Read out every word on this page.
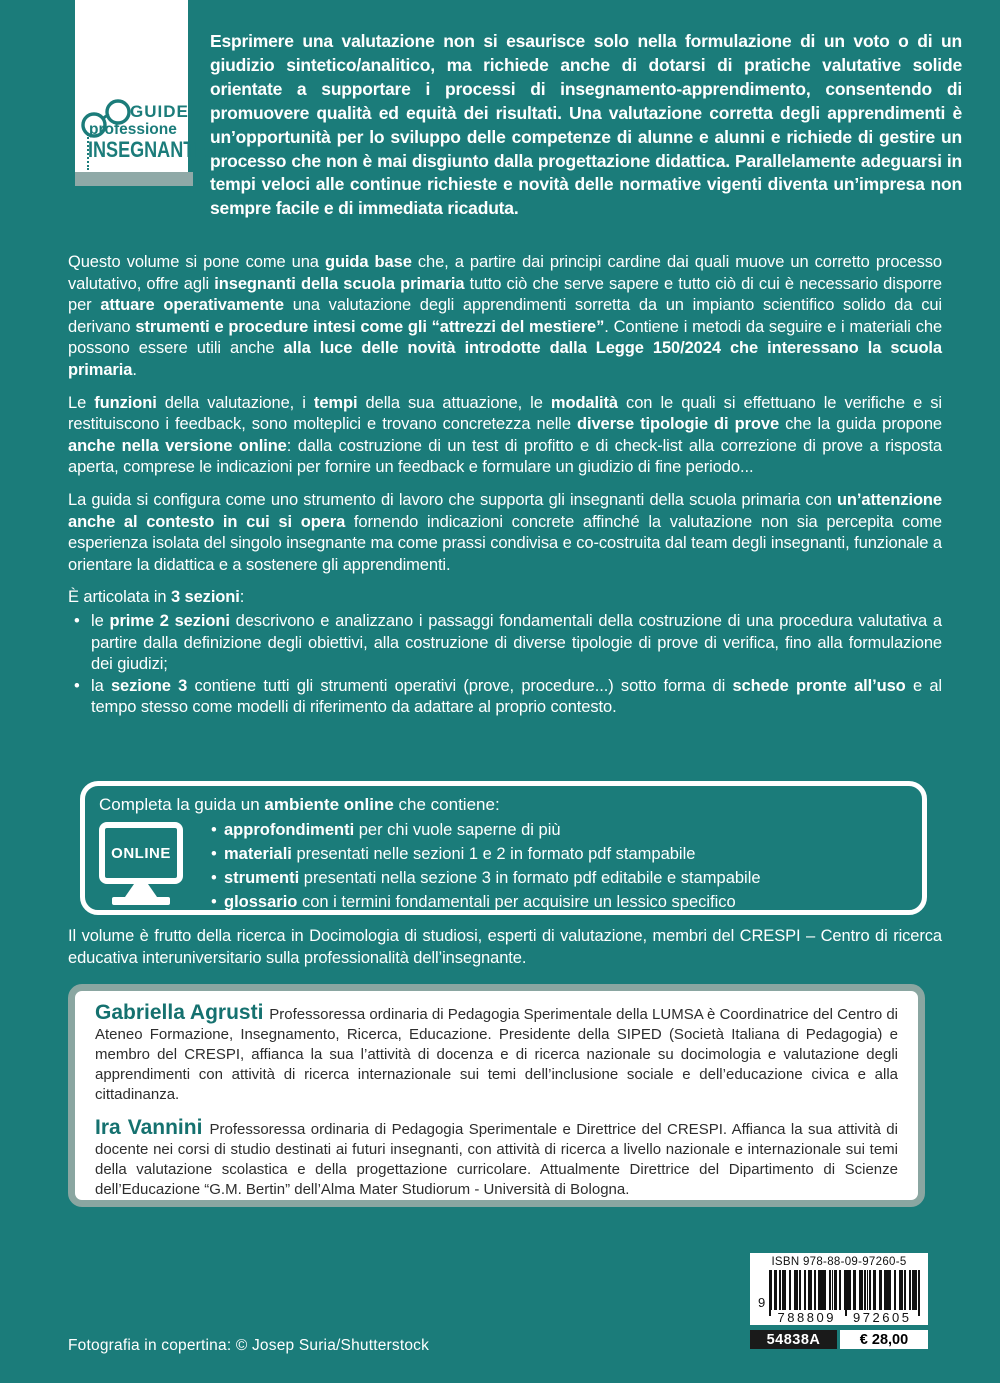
GUIDE
professione
INSEGNANTE

Esprimere una valutazione non si esaurisce solo nella formulazione di un voto o di un giudizio sintetico/analitico, ma richiede anche di dotarsi di pratiche valutative solide orientate a supportare i processi di insegnamento-apprendimento, consentendo di promuovere qualità ed equità dei risultati. Una valutazione corretta degli apprendimenti è un’opportunità per lo sviluppo delle competenze di alunne e alunni e richiede di gestire un processo che non è mai disgiunto dalla progettazione didattica. Parallelamente adeguarsi in tempi veloci alle continue richieste e novità delle normative vigenti diventa un’impresa non sempre facile e di immediata ricaduta.

Questo volume si pone come una guida base che, a partire dai principi cardine dai quali muove un corretto processo valutativo, offre agli insegnanti della scuola primaria tutto ciò che serve sapere e tutto ciò di cui è necessario disporre per attuare operativamente una valutazione degli apprendimenti sorretta da un impianto scientifico solido da cui derivano strumenti e procedure intesi come gli “attrezzi del mestiere”. Contiene i metodi da seguire e i materiali che possono essere utili anche alla luce delle novità introdotte dalla Legge 150/2024 che interessano la scuola primaria.

Le funzioni della valutazione, i tempi della sua attuazione, le modalità con le quali si effettuano le verifiche e si restituiscono i feedback, sono molteplici e trovano concretezza nelle diverse tipologie di prove che la guida propone anche nella versione online: dalla costruzione di un test di profitto e di check-list alla correzione di prove a risposta aperta, comprese le indicazioni per fornire un feedback e formulare un giudizio di fine periodo...

La guida si configura come uno strumento di lavoro che supporta gli insegnanti della scuola primaria con un’attenzione anche al contesto in cui si opera fornendo indicazioni concrete affinché la valutazione non sia percepita come esperienza isolata del singolo insegnante ma come prassi condivisa e co-costruita dal team degli insegnanti, funzionale a orientare la didattica e a sostenere gli apprendimenti.

È articolata in 3 sezioni:

• le prime 2 sezioni descrivono e analizzano i passaggi fondamentali della costruzione di una procedura valutativa a partire dalla definizione degli obiettivi, alla costruzione di diverse tipologie di prove di verifica, fino alla formulazione dei giudizi;
• la sezione 3 contiene tutti gli strumenti operativi (prove, procedure...) sotto forma di schede pronte all’uso e al tempo stesso come modelli di riferimento da adattare al proprio contesto.

Completa la guida un ambiente online che contiene:

ONLINE
• approfondimenti per chi vuole saperne di più
• materiali presentati nelle sezioni 1 e 2 in formato pdf stampabile
• strumenti presentati nella sezione 3 in formato pdf editabile e stampabile
• glossario con i termini fondamentali per acquisire un lessico specifico

Il volume è frutto della ricerca in Docimologia di studiosi, esperti di valutazione, membri del CRESPI – Centro di ricerca educativa interuniversitario sulla professionalità dell’insegnante.

Gabriella Agrusti Professoressa ordinaria di Pedagogia Sperimentale della LUMSA è Coordinatrice del Centro di Ateneo Formazione, Insegnamento, Ricerca, Educazione. Presidente della SIPED (Società Italiana di Pedagogia) e membro del CRESPI, affianca la sua l’attività di docenza e di ricerca nazionale su docimologia e valutazione degli apprendimenti con attività di ricerca internazionale sui temi dell’inclusione sociale e dell’educazione civica e alla cittadinanza.

Ira Vannini Professoressa ordinaria di Pedagogia Sperimentale e Direttrice del CRESPI. Affianca la sua attività di docente nei corsi di studio destinati ai futuri insegnanti, con attività di ricerca a livello nazionale e internazionale sui temi della valutazione scolastica e della progettazione curricolare. Attualmente Direttrice del Dipartimento di Scienze dell’Educazione “G.M. Bertin” dell’Alma Mater Studiorum - Università di Bologna.

ISBN 978-88-09-97260-5
9
788809 972605
54838A	€ 28,00

Fotografia in copertina: © Josep Suria/Shutterstock
